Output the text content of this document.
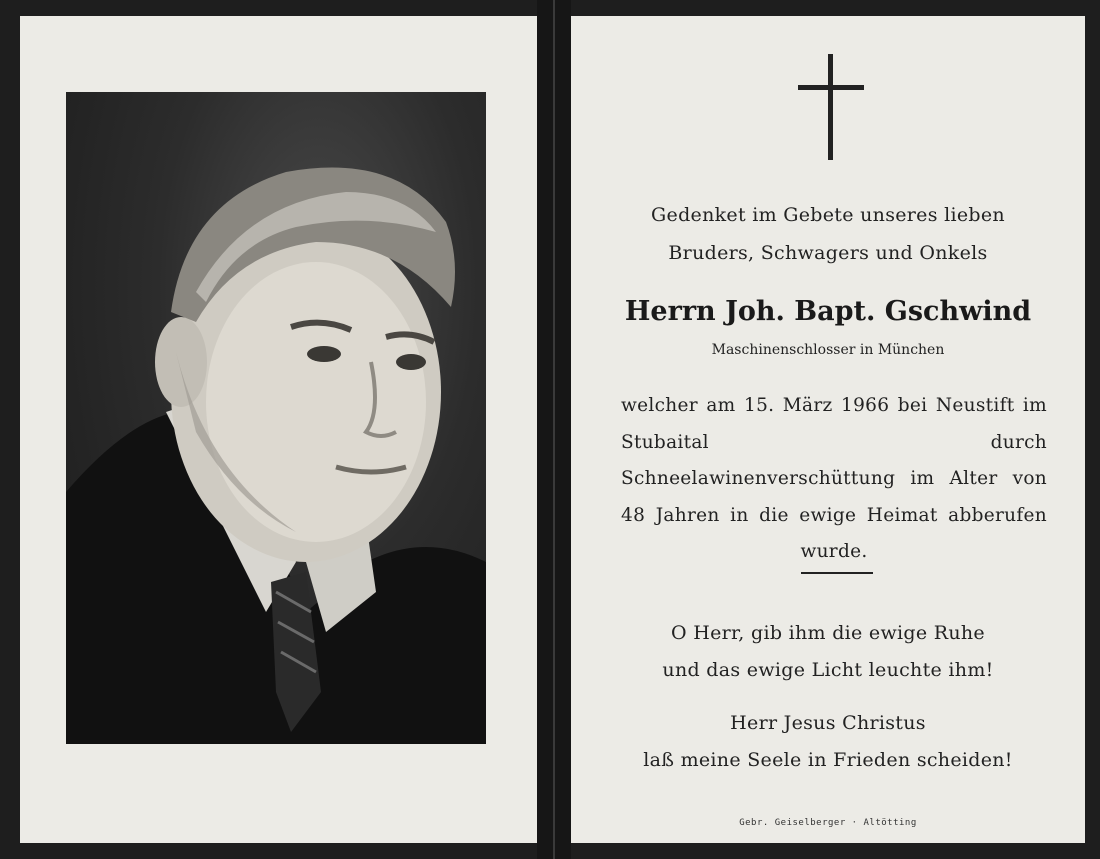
Gedenket im Gebete unseres lieben
Bruders, Schwagers und Onkels
Herrn Joh. Bapt. Gschwind
Maschinenschlosser in München
welcher am 15. März 1966 bei Neustift im Stubaital durch Schneelawinenverschüttung im Alter von 48 Jahren in die ewige Heimat abberufen wurde.
O Herr, gib ihm die ewige Ruhe
und das ewige Licht leuchte ihm!
Herr Jesus Christus
laß meine Seele in Frieden scheiden!
Gebr. Geiselberger · Altötting
